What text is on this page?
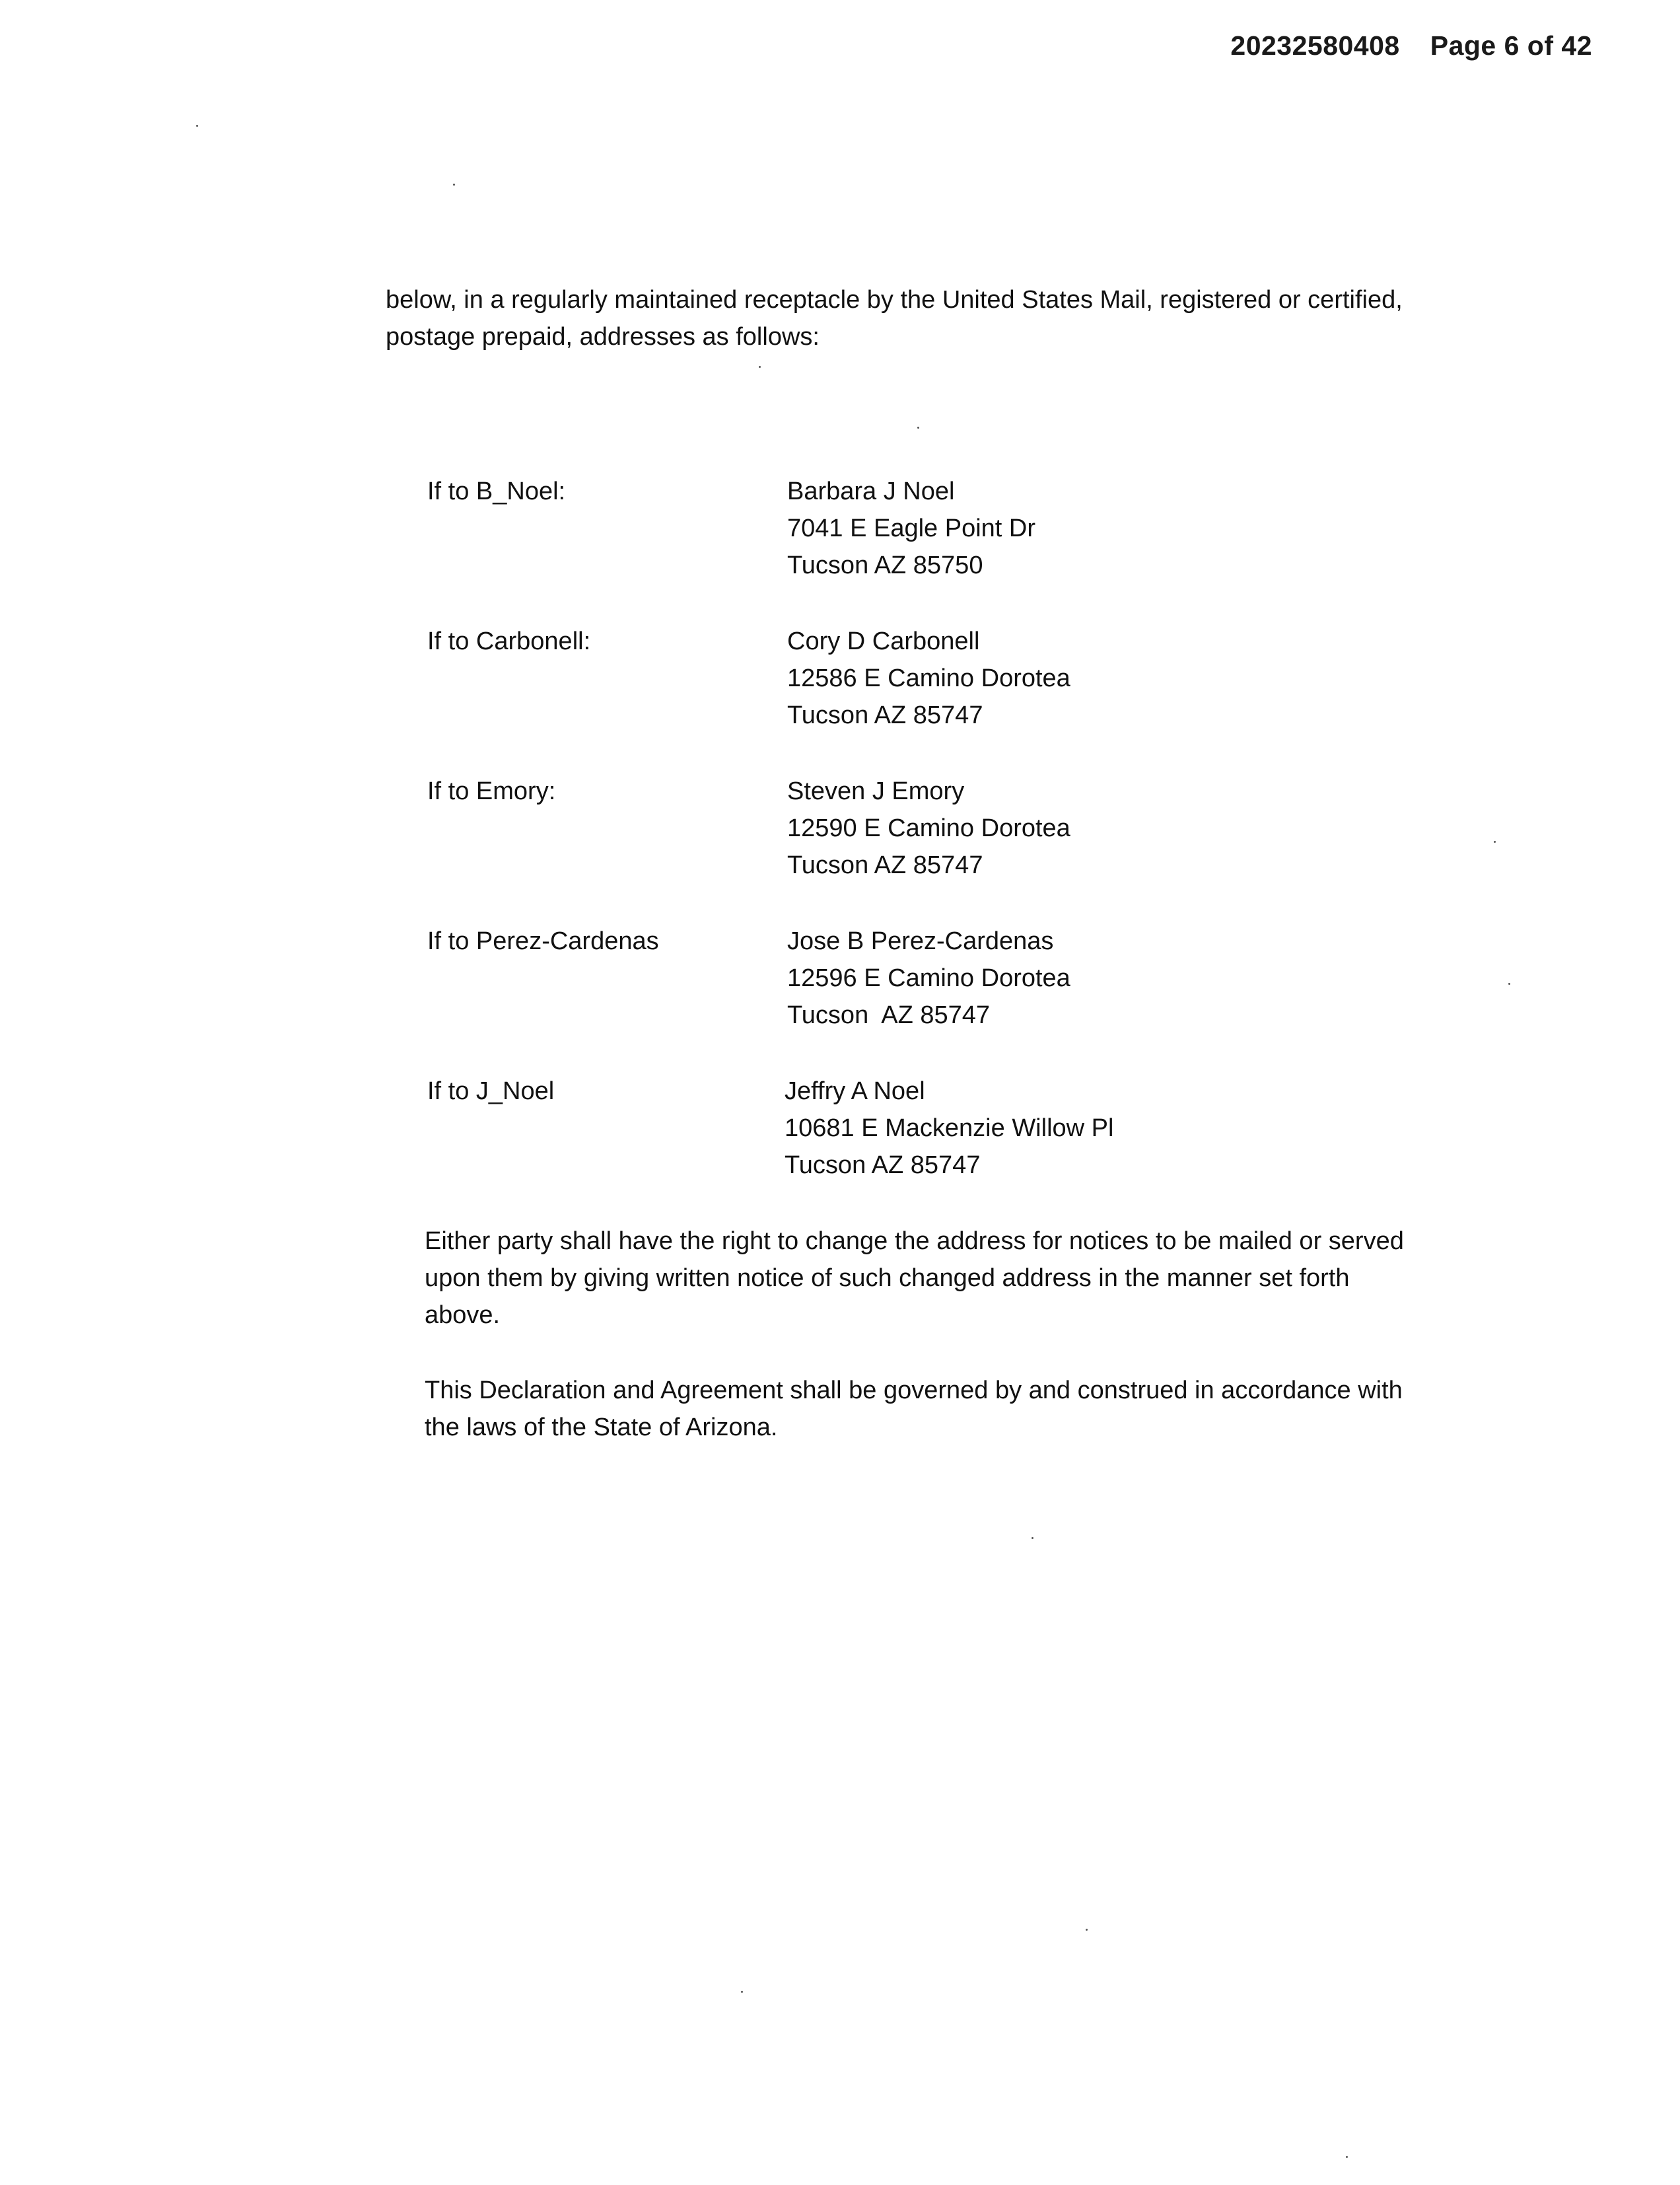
20232580408 Page 6 of 42
below, in a regularly maintained receptacle by the United States Mail, registered or certified,
postage prepaid, addresses as follows:
If to B_Noel:	Barbara J Noel
7041 E Eagle Point Dr
Tucson AZ 85750
If to Carbonell:	Cory D Carbonell
12586 E Camino Dorotea
Tucson AZ 85747
If to Emory:	Steven J Emory
12590 E Camino Dorotea
Tucson AZ 85747
If to Perez-Cardenas	Jose B Perez-Cardenas
12596 E Camino Dorotea
Tucson  AZ 85747
If to J_Noel	Jeffry A Noel
10681 E Mackenzie Willow Pl
Tucson AZ 85747
Either party shall have the right to change the address for notices to be mailed or served
upon them by giving written notice of such changed address in the manner set forth
above.
This Declaration and Agreement shall be governed by and construed in accordance with
the laws of the State of Arizona.
